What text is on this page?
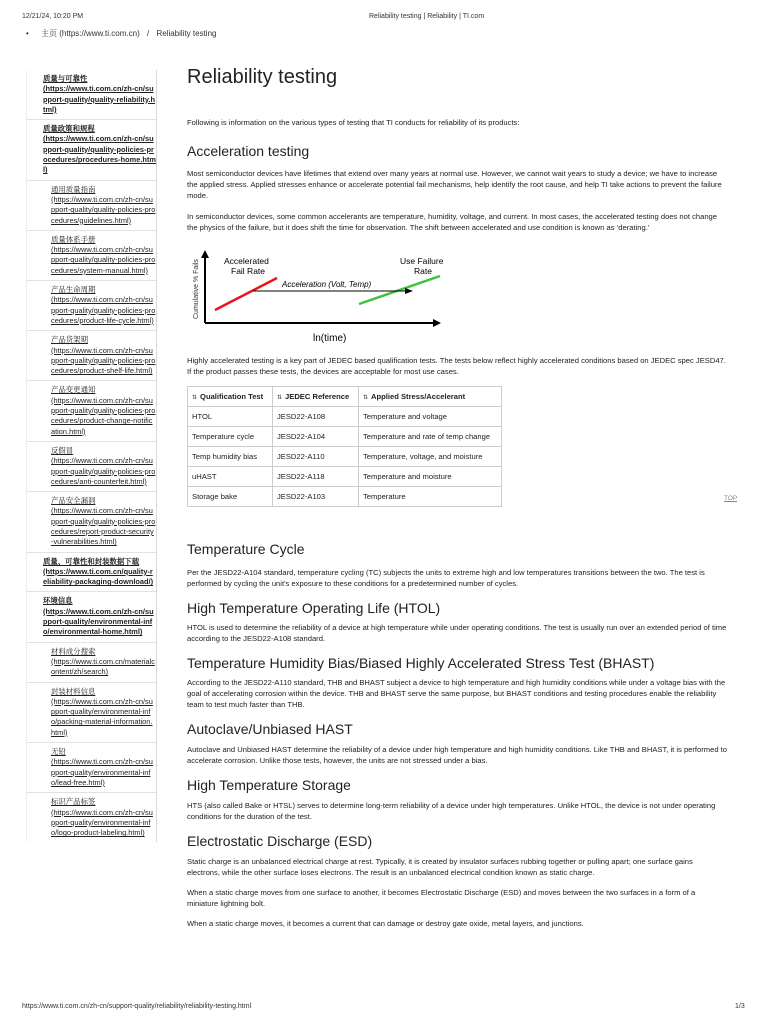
12/21/24, 10:20 PM	Reliability testing | Reliability | TI.com
• 主页 (https://www.ti.com.cn) / Reliability testing
质量与可靠性
(https://www.ti.com.cn/zh-cn/support-quality/quality-reliability.html)
质量政策和规程
(https://www.ti.com.cn/zh-cn/support-quality/quality-policies-procedures/procedures-home.html)
通用质量指南
(https://www.ti.com.cn/zh-cn/support-quality/quality-policies-procedures/guidelines.html)
质量体系手册
(https://www.ti.com.cn/zh-cn/support-quality/quality-policies-procedures/system-manual.html)
产品生命周期
(https://www.ti.com.cn/zh-cn/support-quality/quality-policies-procedures/product-life-cycle.html)
产品货架期
(https://www.ti.com.cn/zh-cn/support-quality/quality-policies-procedures/product-shelf-life.html)
产品变更通知
(https://www.ti.com.cn/zh-cn/support-quality/quality-policies-procedures/product-change-notification.html)
反假冒
(https://www.ti.com.cn/zh-cn/support-quality/quality-policies-procedures/anti-counterfeit.html)
产品安全漏洞
(https://www.ti.com.cn/zh-cn/support-quality/quality-policies-procedures/report-product-security-vulnerabilities.html)
质量、可靠性和封装数据下载
(https://www.ti.com.cn/quality-reliability-packaging-download/)
环境信息
(https://www.ti.com.cn/zh-cn/support-quality/environmental-info/environmental-home.html)
材料成分搜索
(https://www.ti.com.cn/materialcontent/zh/search)
封装材料信息
(https://www.ti.com.cn/zh-cn/support-quality/environmental-info/packing-material-information.html)
无铅
(https://www.ti.com.cn/zh-cn/support-quality/environmental-info/lead-free.html)
标识产品标签
(https://www.ti.com.cn/zh-cn/support-quality/environmental-info/logo-product-labeling.html)
Reliability testing

Following is information on the various types of testing that TI conducts for reliability of its products:

Acceleration testing

Most semiconductor devices have lifetimes that extend over many years at normal use. However, we cannot wait years to study a device; we have to increase the applied stress. Applied stresses enhance or accelerate potential fail mechanisms, help identify the root cause, and help TI take actions to prevent the failure mode.

In semiconductor devices, some common accelerants are temperature, humidity, voltage, and current. In most cases, the accelerated testing does not change the physics of the failure, but it does shift the time for observation. The shift between accelerated and use condition is known as ‘derating.’

Cumulative % Fails
ln(time)
Accelerated
Fail Rate
Use Failure
Rate
Acceleration (Volt, Temp)

Highly accelerated testing is a key part of JEDEC based qualification tests. The tests below reflect highly accelerated conditions based on JEDEC spec JESD47. If the product passes these tests, the devices are acceptable for most use cases.

⇅ Qualification Test	⇅ JEDEC Reference	⇅ Applied Stress/Accelerant
HTOL	JESD22-A108	Temperature and voltage
Temperature cycle	JESD22-A104	Temperature and rate of temp change
Temp humidity bias	JESD22-A110	Temperature, voltage, and moisture
uHAST	JESD22-A118	Temperature and moisture
Storage bake	JESD22-A103	Temperature
Temperature Cycle

Per the JESD22-A104 standard, temperature cycling (TC) subjects the units to extreme high and low temperatures transitions between the two. The test is performed by cycling the unit's exposure to these conditions for a predetermined number of cycles.

High Temperature Operating Life (HTOL)

HTOL is used to determine the reliability of a device at high temperature while under operating conditions. The test is usually run over an extended period of time according to the JESD22-A108 standard.

Temperature Humidity Bias/Biased Highly Accelerated Stress Test (BHAST)

According to the JESD22-A110 standard, THB and BHAST subject a device to high temperature and high humidity conditions while under a voltage bias with the goal of accelerating corrosion within the device. THB and BHAST serve the same purpose, but BHAST conditions and testing procedures enable the reliability team to test much faster than THB.

Autoclave/Unbiased HAST

Autoclave and Unbiased HAST determine the reliability of a device under high temperature and high humidity conditions. Like THB and BHAST, it is performed to accelerate corrosion. Unlike those tests, however, the units are not stressed under a bias.

High Temperature Storage

HTS (also called Bake or HTSL) serves to determine long-term reliability of a device under high temperatures. Unlike HTOL, the device is not under operating conditions for the duration of the test.

Electrostatic Discharge (ESD)

Static charge is an unbalanced electrical charge at rest. Typically, it is created by insulator surfaces rubbing together or pulling apart; one surface gains electrons, while the other surface loses electrons. The result is an unbalanced electrical condition known as static charge.

When a static charge moves from one surface to another, it becomes Electrostatic Discharge (ESD) and moves between the two surfaces in a form of a miniature lightning bolt.

When a static charge moves, it becomes a current that can damage or destroy gate oxide, metal layers, and junctions.

TOP
https://www.ti.com.cn/zh-cn/support-quality/reliability/reliability-testing.html	1/3
